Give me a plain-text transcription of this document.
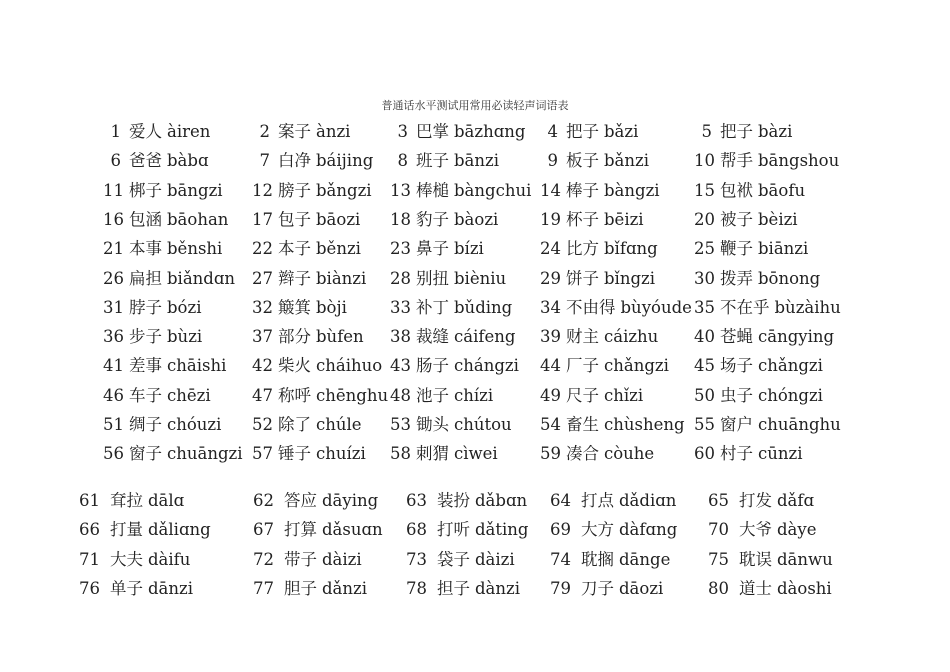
普通话水平测试用常用必读轻声词语表
1 爱人 àiren	2 案子 ànzi	3 巴掌 bāzhɑng	4 把子 bǎzi	5 把子 bàzi
6 爸爸 bàbɑ	7 白净 báijing	8 班子 bānzi	9 板子 bǎnzi	10 帮手 bāngshou
11 梆子 bāngzi 12 膀子 bǎngzi 13 棒槌 bàngchui 14 棒子 bàngzi 15 包袱 bāofu
16 包涵 bāohan 17 包子 bāozi 18 豹子 bàozi	19 杯子 bēizi	20 被子 bèizi
21 本事 běnshi 22 本子 běnzi 23 鼻子 bízi	24 比方 bǐfɑng 25 鞭子 biānzi
26 扁担 biǎndɑn 27 辫子 biànzi 28 别扭 bièniu 29 饼子 bǐngzi 30 拨弄 bōnong
31 脖子 bózi	32 簸箕 bòji	33 补丁 bǔding 34 不由得 bùyóude 35 不在乎 bùzàihu
36 步子 bùzi	37 部分 bùfen 38 裁缝 cáifeng 39 财主 cáizhu 40 苍蝇 cāngying
41 差事 chāishi 42 柴火 cháihuo 43 肠子 chángzi 44 厂子 chǎngzi 45 场子 chǎngzi
46 车子 chēzi	47 称呼 chēnghu 48 池子 chízi	49 尺子 chǐzi	50 虫子 chóngzi
51 绸子 chóuzi 52 除了 chúle 53 锄头 chútou 54 畜生 chùsheng 55 窗户 chuānghu
56 窗子 chuāngzi 57 锤子 chuízi 58 刺猬 cìwei	59 凑合 còuhe 60 村子 cūnzi
61 耷拉 dālɑ	62 答应 dāying 63 装扮 dǎbɑn 64 打点 dǎdiɑn 65 打发 dǎfɑ
66 打量 dǎliɑng	67 打算 dǎsuɑn 68 打听 dǎting 69 大方 dàfɑng 70 大爷 dàye
71 大夫 dàifu	72 带子 dàizi	73 袋子 dàizi 74 耽搁 dānge 75 耽误 dānwu
76 单子 dānzi	77 胆子 dǎnzi 78 担子 dànzi 79 刀子 dāozi	80 道士 dàoshi
